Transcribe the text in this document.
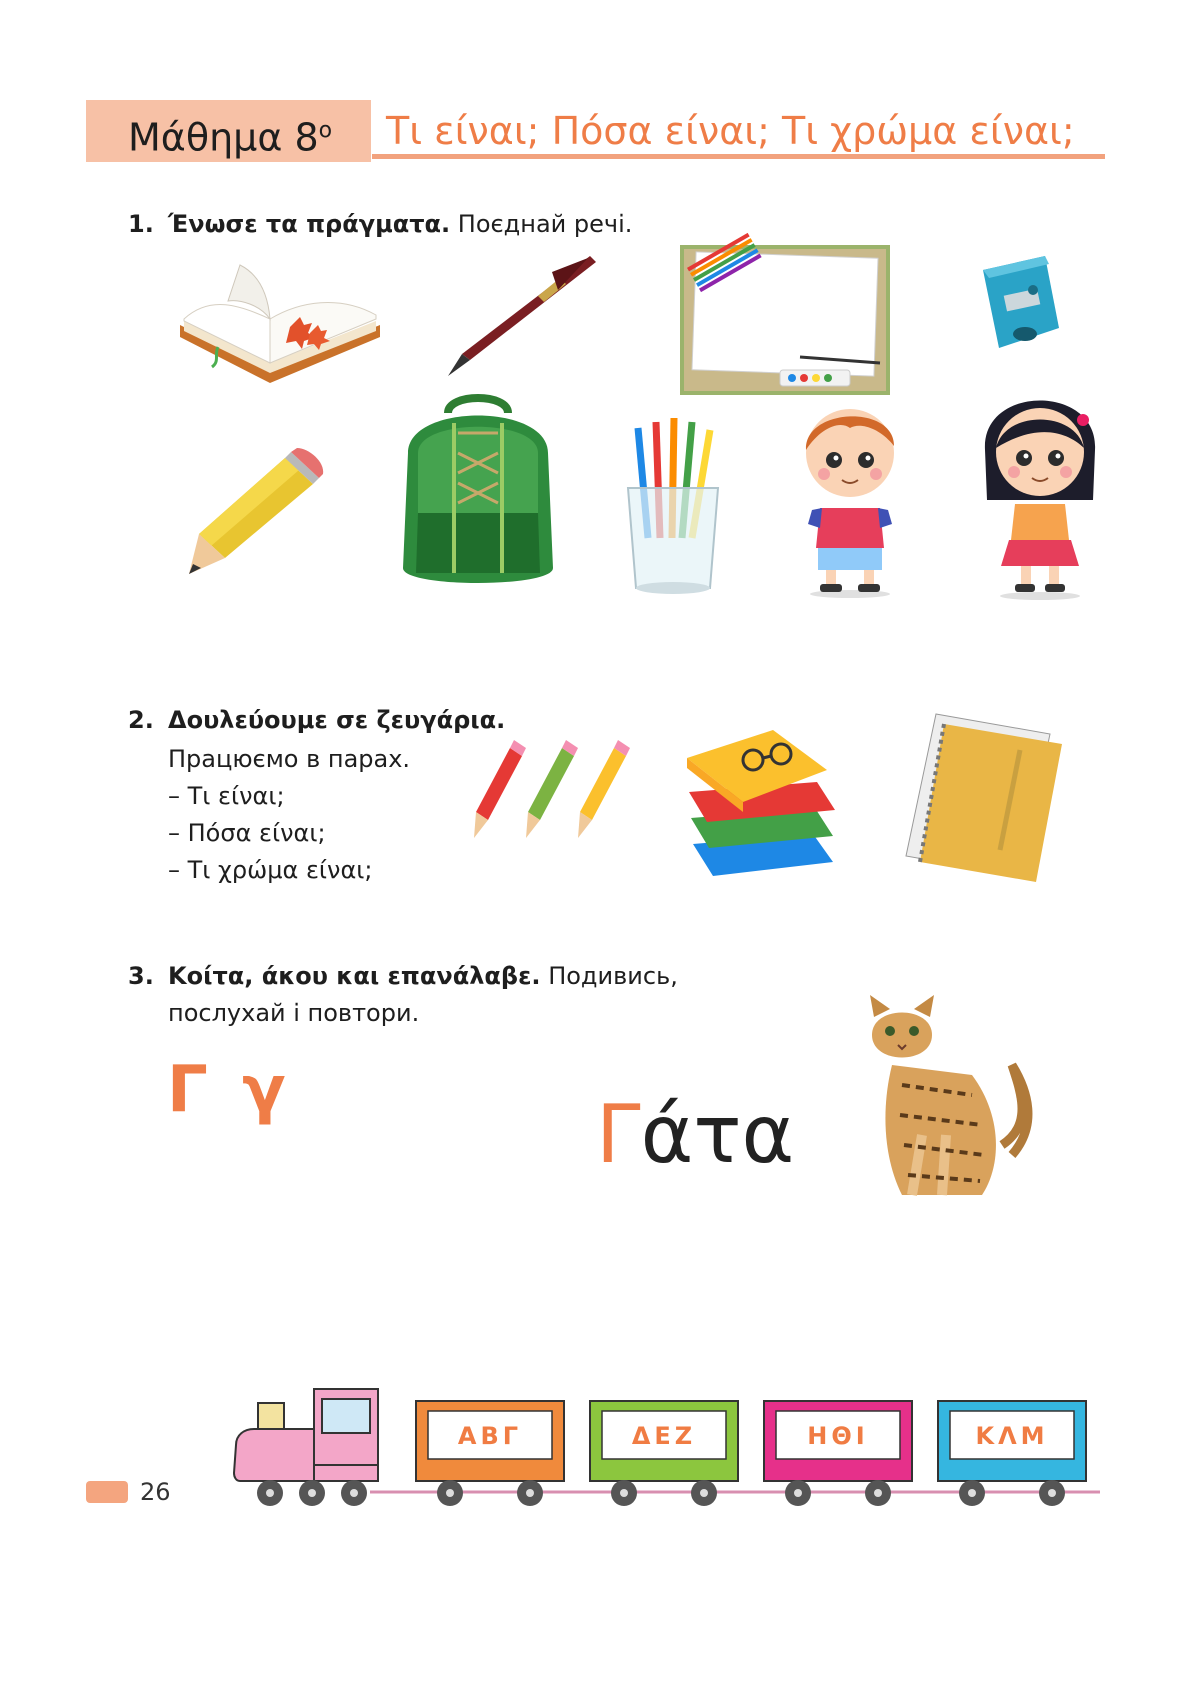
Μάθημα $8^o$ Τι είναι; Πόσα είναι; Τι χρώμα είναι;
1. Ένωσε τα πράγματα. Поєднай речі.
2. Δουλεύουμε σε ζευγάρια.
Працюємо в парах.
– Τι είναι;
– Πόσα είναι;
– Τι χρώμα είναι;
3. Κοίτα, άκου και επανάλαβε. Подивись,
послухай і повтори.
Γ γ	Γάτα
ΑΒΓ	ΔΕΖ	ΗΘΙ	ΚΛΜ
26
